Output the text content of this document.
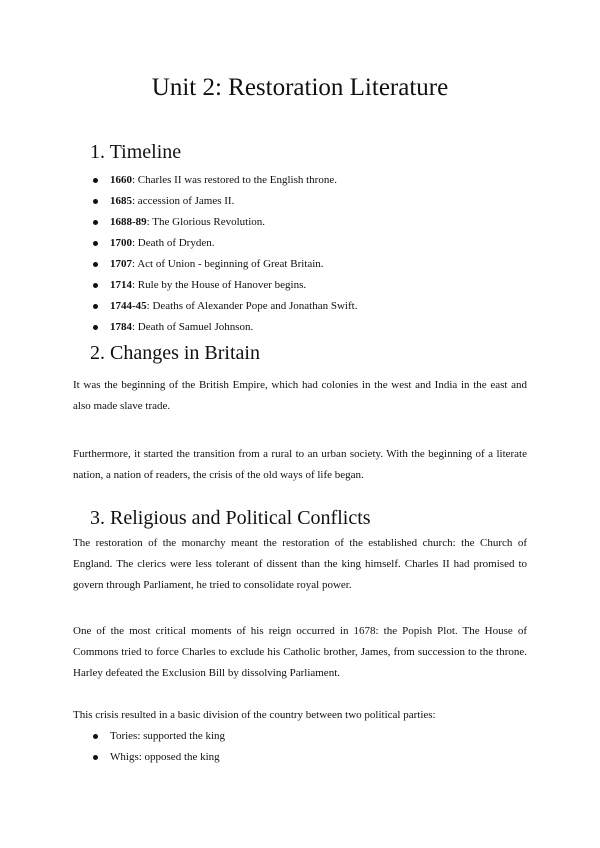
Unit 2: Restoration Literature
1. Timeline
1660: Charles II was restored to the English throne.
1685: accession of James II.
1688-89: The Glorious Revolution.
1700: Death of Dryden.
1707: Act of Union - beginning of Great Britain.
1714: Rule by the House of Hanover begins.
1744-45: Deaths of Alexander Pope and Jonathan Swift.
1784: Death of Samuel Johnson.
2. Changes in Britain
It was the beginning of the British Empire, which had colonies in the west and India in the east and also made slave trade.
Furthermore, it started the transition from a rural to an urban society. With the beginning of a literate nation, a nation of readers, the crisis of the old ways of life began.
3. Religious and Political Conflicts
The restoration of the monarchy meant the restoration of the established church: the Church of England. The clerics were less tolerant of dissent than the king himself. Charles II had promised to govern through Parliament, he tried to consolidate royal power.
One of the most critical moments of his reign occurred in 1678: the Popish Plot. The House of Commons tried to force Charles to exclude his Catholic brother, James, from succession to the throne. Harley defeated the Exclusion Bill by dissolving Parliament.
This crisis resulted in a basic division of the country between two political parties:
Tories: supported the king
Whigs: opposed the king
